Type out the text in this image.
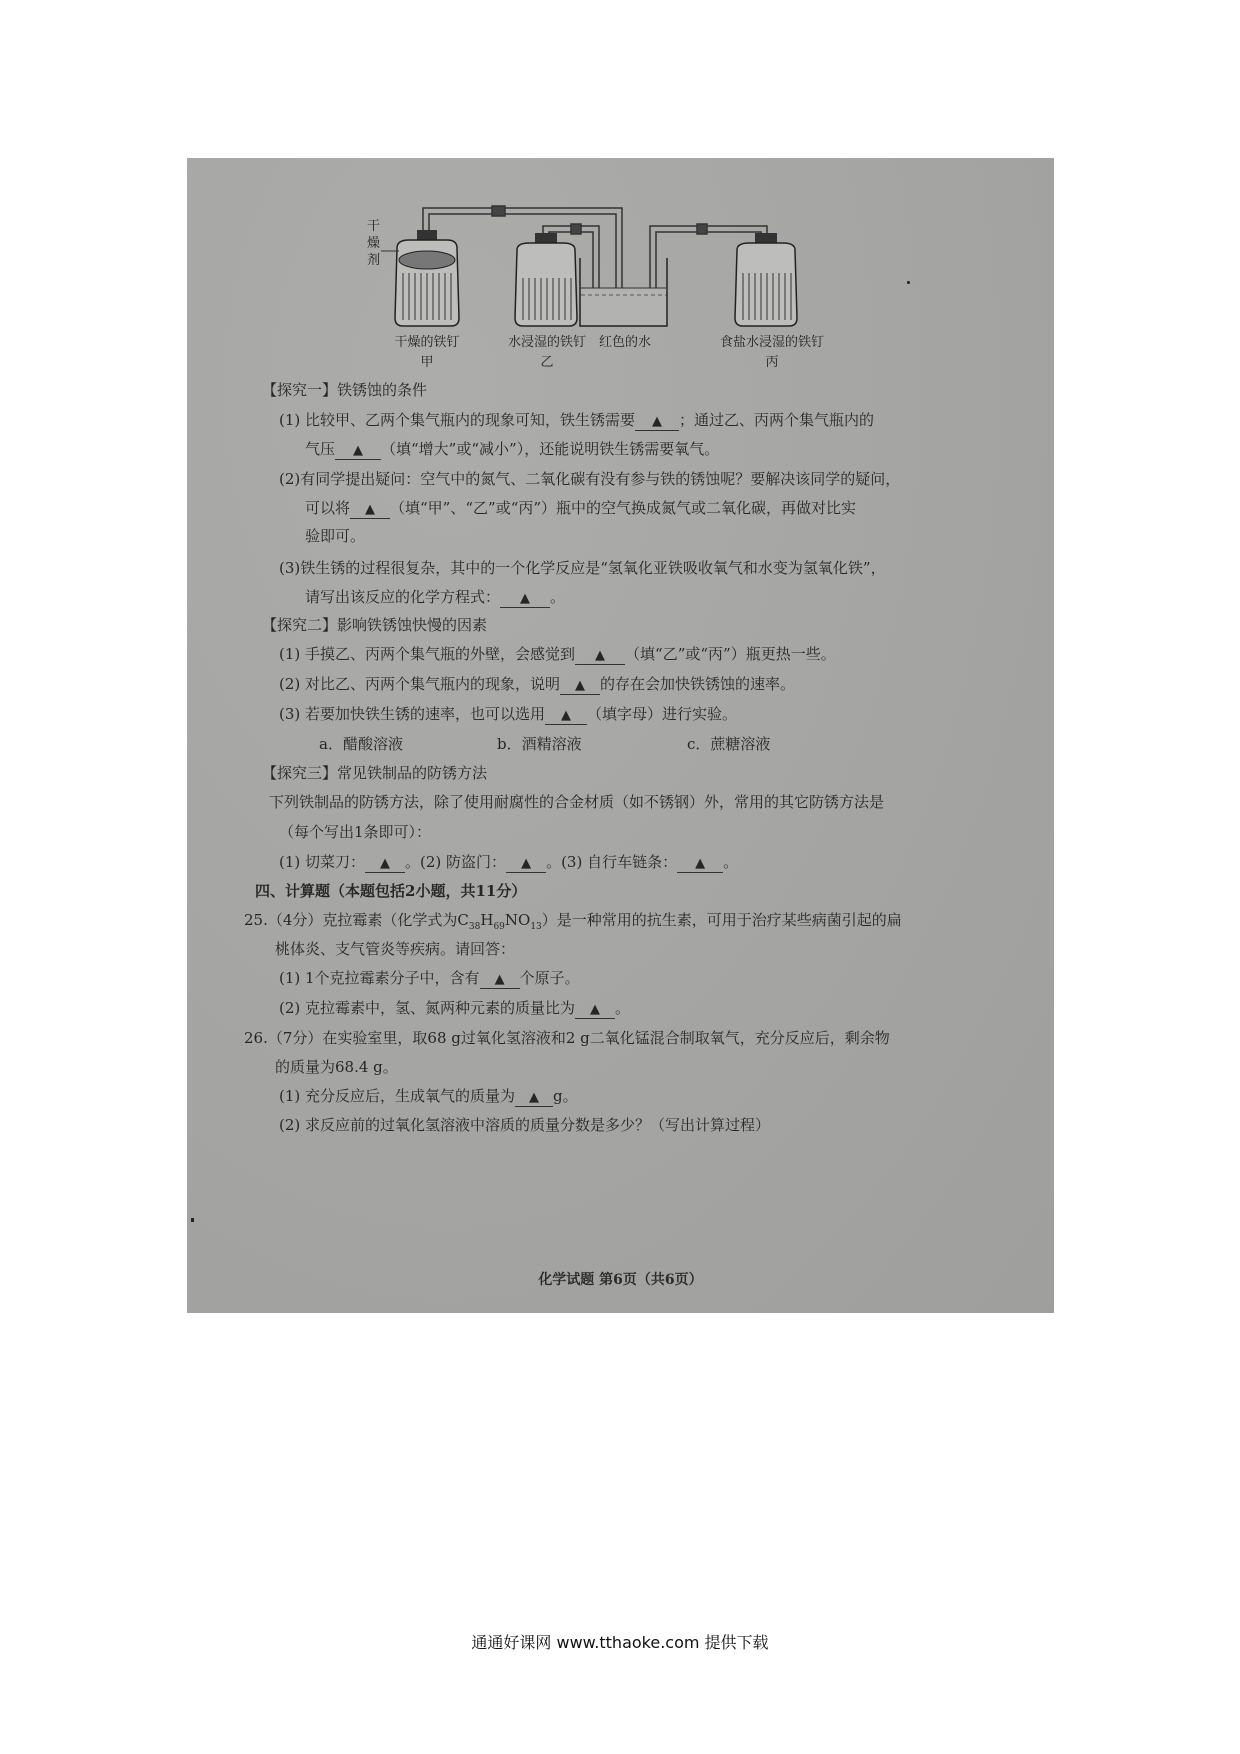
干燥剂
干燥的铁钉
甲
水浸湿的铁钉
乙
红色的水	食盐水浸湿的铁钉
丙
【探究一】铁锈蚀的条件
(1) 比较甲、乙两个集气瓶内的现象可知，铁生锈需要 ▲ ；通过乙、丙两个集气瓶内的
气压 ▲ （填“增大”或“减小”），还能说明铁生锈需要氧气。
(2)有同学提出疑问：空气中的氮气、二氧化碳有没有参与铁的锈蚀呢？要解决该同学的疑问，
可以将 ▲ （填“甲”、“乙”或“丙”）瓶中的空气换成氮气或二氧化碳，再做对比实
验即可。
(3)铁生锈的过程很复杂，其中的一个化学反应是“氢氧化亚铁吸收氧气和水变为氢氧化铁”，
请写出该反应的化学方程式： ▲ 。
【探究二】影响铁锈蚀快慢的因素
(1) 手摸乙、丙两个集气瓶的外壁，会感觉到 ▲ （填“乙”或“丙”）瓶更热一些。
(2) 对比乙、丙两个集气瓶内的现象，说明 ▲ 的存在会加快铁锈蚀的速率。
(3) 若要加快铁生锈的速率，也可以选用 ▲ （填字母）进行实验。
a．醋酸溶液	b．酒精溶液	c．蔗糖溶液
【探究三】常见铁制品的防锈方法
下列铁制品的防锈方法，除了使用耐腐性的合金材质（如不锈钢）外，常用的其它防锈方法是
（每个写出1条即可）：
(1) 切菜刀： ▲ 。(2) 防盗门： ▲ 。(3) 自行车链条： ▲ 。
四、计算题（本题包括2小题，共11分）
25.（4分）克拉霉素（化学式为$C_{38}H_{69}NO_{13}$）是一种常用的抗生素，可用于治疗某些病菌引起的扁
桃体炎、支气管炎等疾病。请回答：
(1) 1个克拉霉素分子中，含有 ▲ 个原子。
(2) 克拉霉素中，氢、氮两种元素的质量比为 ▲ 。
26.（7分）在实验室里，取68 g过氧化氢溶液和2 g二氧化锰混合制取氧气，充分反应后，剩余物
的质量为68.4 g。
(1) 充分反应后，生成氧气的质量为 ▲ g。
(2) 求反应前的过氧化氢溶液中溶质的质量分数是多少？（写出计算过程）
化学试题 第6页（共6页）
通通好课网 www.tthaoke.com 提供下载
